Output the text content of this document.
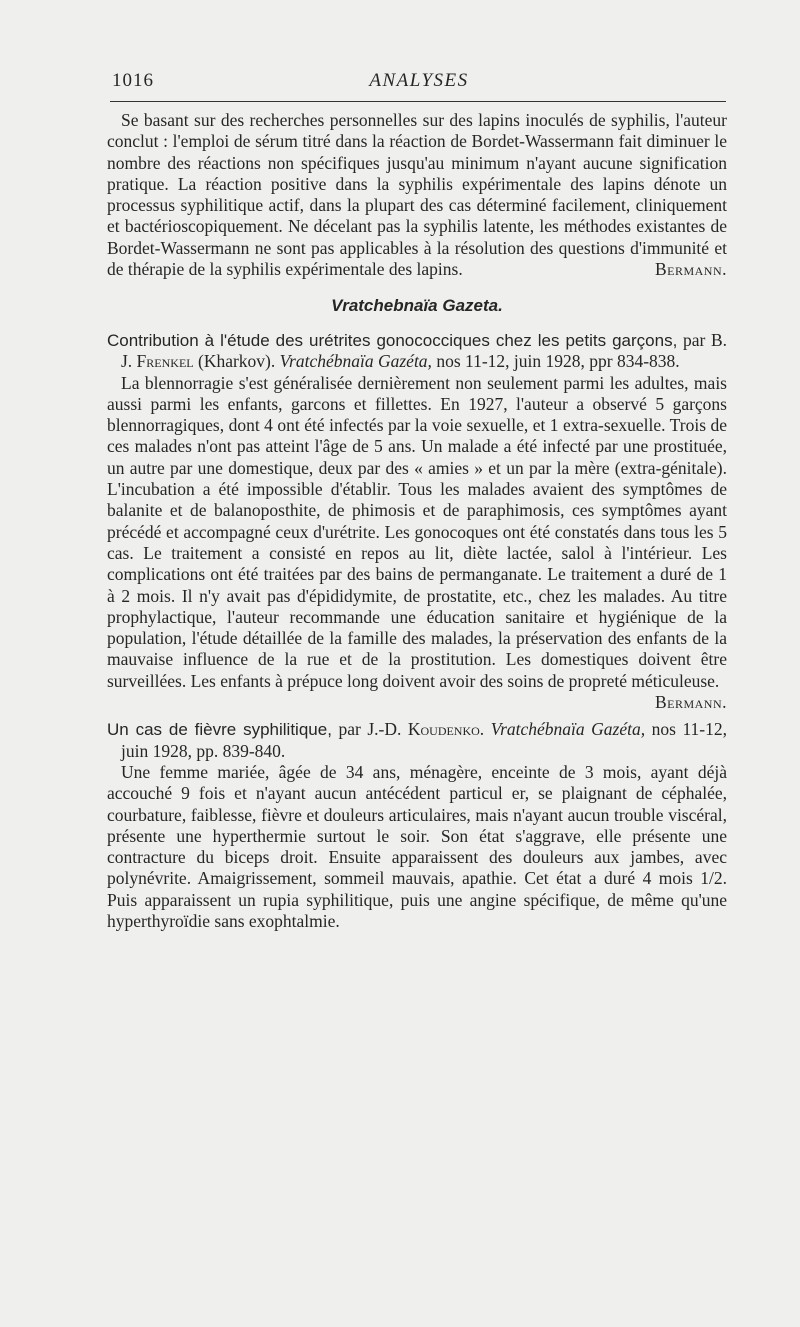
1016	ANALYSES

Se basant sur des recherches personnelles sur des lapins inoculés de syphilis, l'auteur conclut : l'emploi de sérum titré dans la réaction de Bordet-Wassermann fait diminuer le nombre des réactions non spécifiques jusqu'au minimum n'ayant aucune signification pratique. La réaction positive dans la syphilis expérimentale des lapins dénote un processus syphilitique actif, dans la plupart des cas déterminé facilement, cliniquement et bactérioscopiquement. Ne décelant pas la syphilis latente, les méthodes existantes de Bordet-Wassermann ne sont pas applicables à la résolution des questions d'immunité et de thérapie de la syphilis expérimentale des lapins.	Bermann.

Vratchebnaïa Gazeta.

Contribution à l'étude des urétrites gonococciques chez les petits garçons, par B. J. Frenkel (Kharkov). Vratchébnaïa Gazéta, nos 11-12, juin 1928, ppr 834-838.

La blennorragie s'est généralisée dernièrement non seulement parmi les adultes, mais aussi parmi les enfants, garcons et fillettes. En 1927, l'auteur a observé 5 garçons blennorragiques, dont 4 ont été infectés par la voie sexuelle, et 1 extra-sexuelle. Trois de ces malades n'ont pas atteint l'âge de 5 ans. Un malade a été infecté par une prostituée, un autre par une domestique, deux par des « amies » et un par la mère (extra-génitale). L'incubation a été impossible d'établir. Tous les malades avaient des symptômes de balanite et de balanoposthite, de phimosis et de paraphimosis, ces symptômes ayant précédé et accompagné ceux d'urétrite. Les gonocoques ont été constatés dans tous les 5 cas. Le traitement a consisté en repos au lit, diète lactée, salol à l'intérieur. Les complications ont été traitées par des bains de permanganate. Le traitement a duré de 1 à 2 mois. Il n'y avait pas d'épididymite, de prostatite, etc., chez les malades. Au titre prophylactique, l'auteur recommande une éducation sanitaire et hygiénique de la population, l'étude détaillée de la famille des malades, la préservation des enfants de la mauvaise influence de la rue et de la prostitution. Les domestiques doivent être surveillées. Les enfants à prépuce long doivent avoir des soins de propreté méticuleuse.

Bermann.

Un cas de fièvre syphilitique, par J.-D. Koudenko. Vratchébnaïa Gazéta, nos 11-12, juin 1928, pp. 839-840.

Une femme mariée, âgée de 34 ans, ménagère, enceinte de 3 mois, ayant déjà accouché 9 fois et n'ayant aucun antécédent particul er, se plaignant de céphalée, courbature, faiblesse, fièvre et douleurs articulaires, mais n'ayant aucun trouble viscéral, présente une hyperthermie surtout le soir. Son état s'aggrave, elle présente une contracture du biceps droit. Ensuite apparaissent des douleurs aux jambes, avec polynévrite. Amaigrissement, sommeil mauvais, apathie. Cet état a duré 4 mois 1/2. Puis apparaissent un rupia syphilitique, puis une angine spécifique, de même qu'une hyperthyroïdie sans exophtalmie.
